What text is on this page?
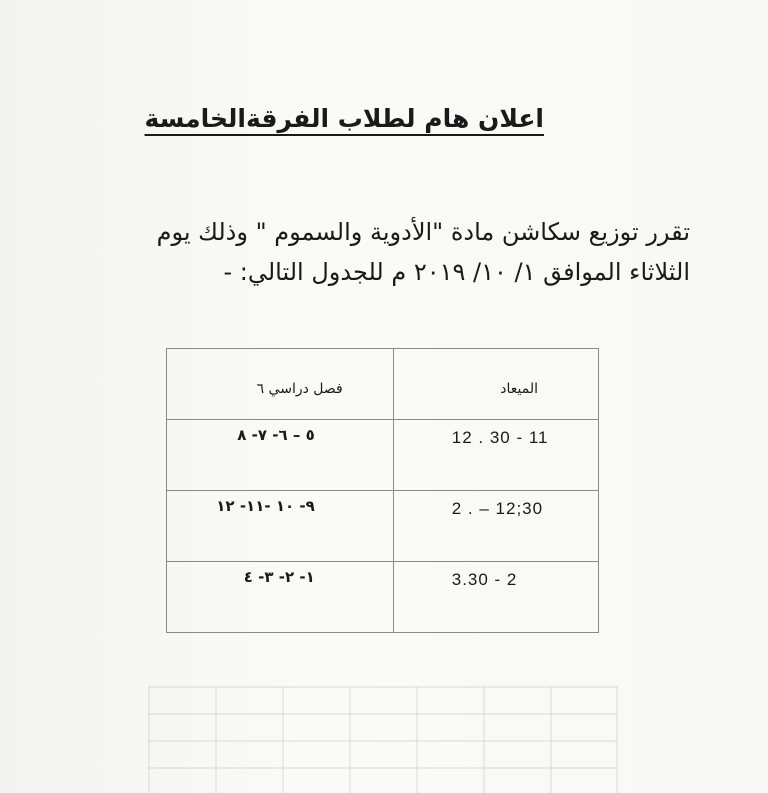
اعلان هام لطلاب الفرقةالخامسة
تقرر توزيع سكاشن مادة "الأدوية والسموم " وذلك يوم
الثلاثاء الموافق ١/ ١٠/ ٢٠١٩ م للجدول التالي: -
الميعاد	فصل دراسي ٦
12 . 30 - 11	٥ – ٦- ٧- ٨
2 . – 12;30	٩- ١٠ -١١- ١٢
3.30 - 2	١- ٢- ٣- ٤
